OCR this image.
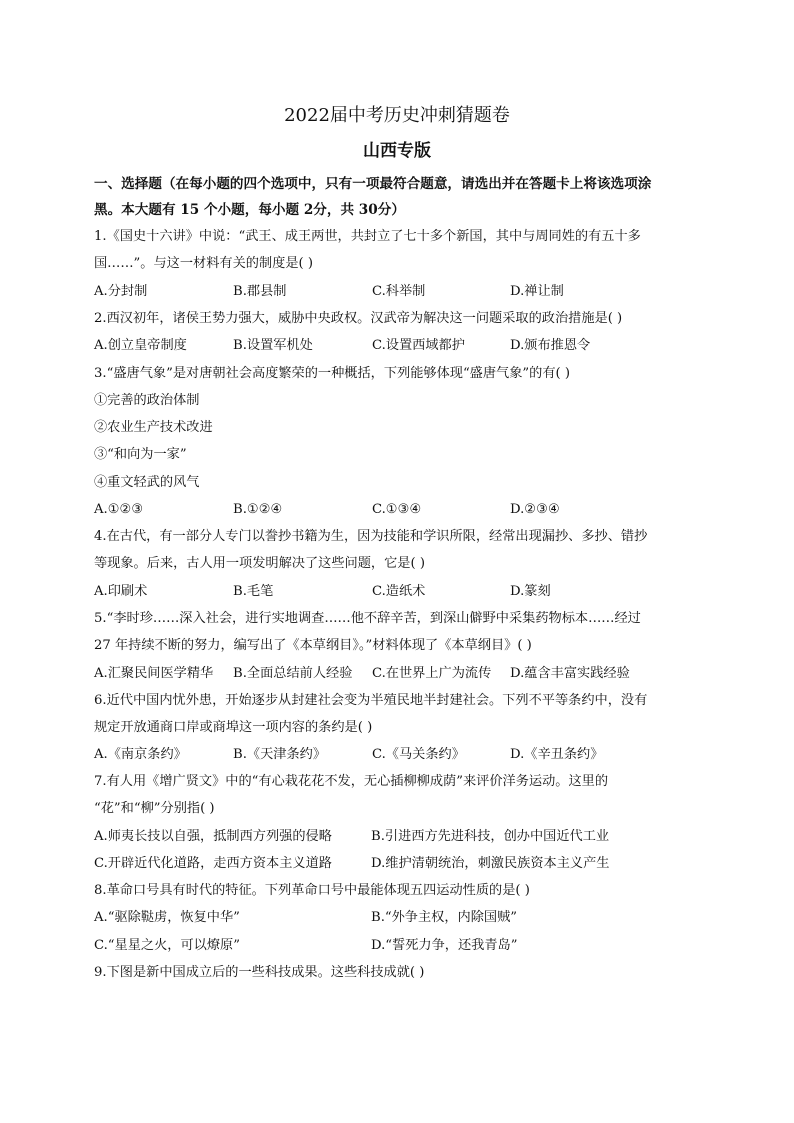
2022届中考历史冲刺猜题卷
山西专版
一、选择题（在每小题的四个选项中，只有一项最符合题意，请选出并在答题卡上将该选项涂
黑。本大题有 15 个小题，每小题 2分，共 30分）
1.《国史十六讲》中说：“武王、成王两世，共封立了七十多个新国，其中与周同姓的有五十多
国……”。与这一材料有关的制度是( )
A.分封制	B.郡县制	C.科举制	D.禅让制
2.西汉初年，诸侯王势力强大，威胁中央政权。汉武帝为解决这一问题采取的政治措施是( )
A.创立皇帝制度	B.设置军机处	C.设置西域都护	D.颁布推恩令
3.“盛唐气象”是对唐朝社会高度繁荣的一种概括，下列能够体现“盛唐气象”的有( )
①完善的政治体制
②农业生产技术改进
③“和向为一家”
④重文轻武的风气
A.①②③	B.①②④	C.①③④	D.②③④
4.在古代，有一部分人专门以誊抄书籍为生，因为技能和学识所限，经常出现漏抄、多抄、错抄
等现象。后来，古人用一项发明解决了这些问题，它是( )
A.印刷术	B.毛笔	C.造纸术	D.篆刻
5.“李时珍……深入社会，进行实地调查……他不辞辛苦，到深山僻野中采集药物标本……经过
27 年持续不断的努力，编写出了《本草纲目》。”材料体现了《本草纲目》( )
A.汇聚民间医学精华 B.全面总结前人经验 C.在世界上广为流传 D.蕴含丰富实践经验
6.近代中国内忧外患，开始逐步从封建社会变为半殖民地半封建社会。下列不平等条约中，没有
规定开放通商口岸或商埠这一项内容的条约是( )
A.《南京条约》	B.《天津条约》	C.《马关条约》	D.《辛丑条约》
7.有人用《增广贤文》中的“有心栽花花不发，无心插柳柳成荫”来评价洋务运动。这里的
“花”和“柳”分别指( )
A.师夷长技以自强，抵制西方列强的侵略	B.引进西方先进科技，创办中国近代工业
C.开辟近代化道路，走西方资本主义道路	D.维护清朝统治，刺激民族资本主义产生
8.革命口号具有时代的特征。下列革命口号中最能体现五四运动性质的是( )
A.“驱除鞑虏，恢复中华”	B.“外争主权，内除国贼”
C.“星星之火，可以燎原”	D.“誓死力争，还我青岛”
9.下图是新中国成立后的一些科技成果。这些科技成就( )
